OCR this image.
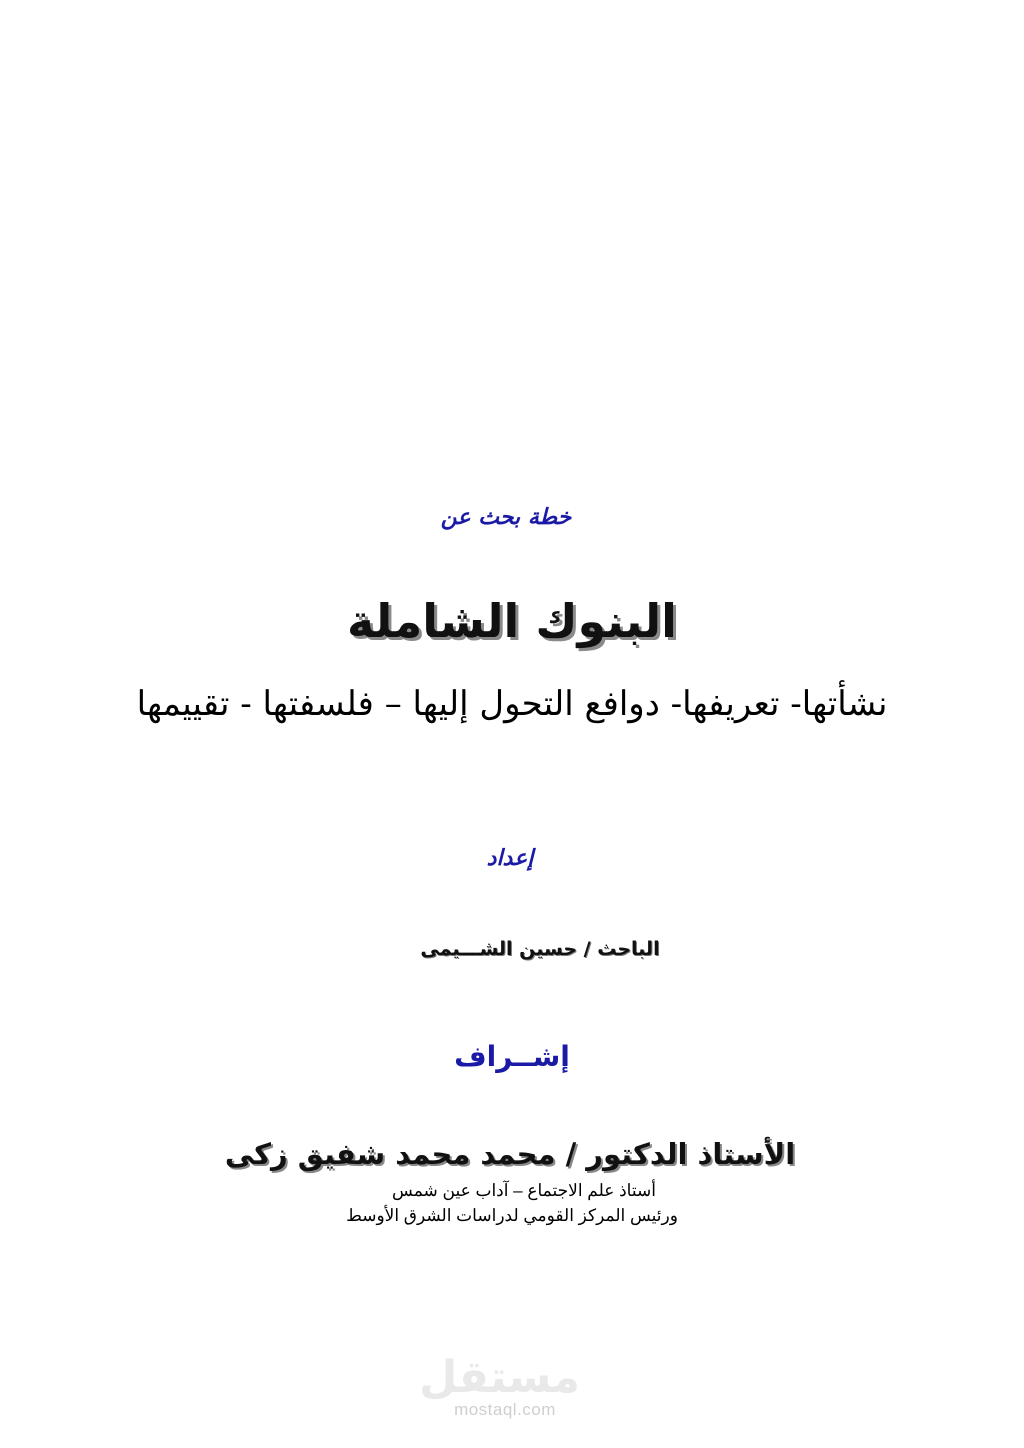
خطة بحث عن
البنوك الشاملة
نشأتها- تعريفها- دوافع التحول إليها – فلسفتها - تقييمها
إعداد
الباحث / حسين الشـــيمى
إشــراف
الأستاذ الدكتور / محمد محمد شفيق زكى
أستاذ علم الاجتماع – آداب عين شمس
ورئيس المركز القومي لدراسات الشرق الأوسط
مستقل
mostaql.com
